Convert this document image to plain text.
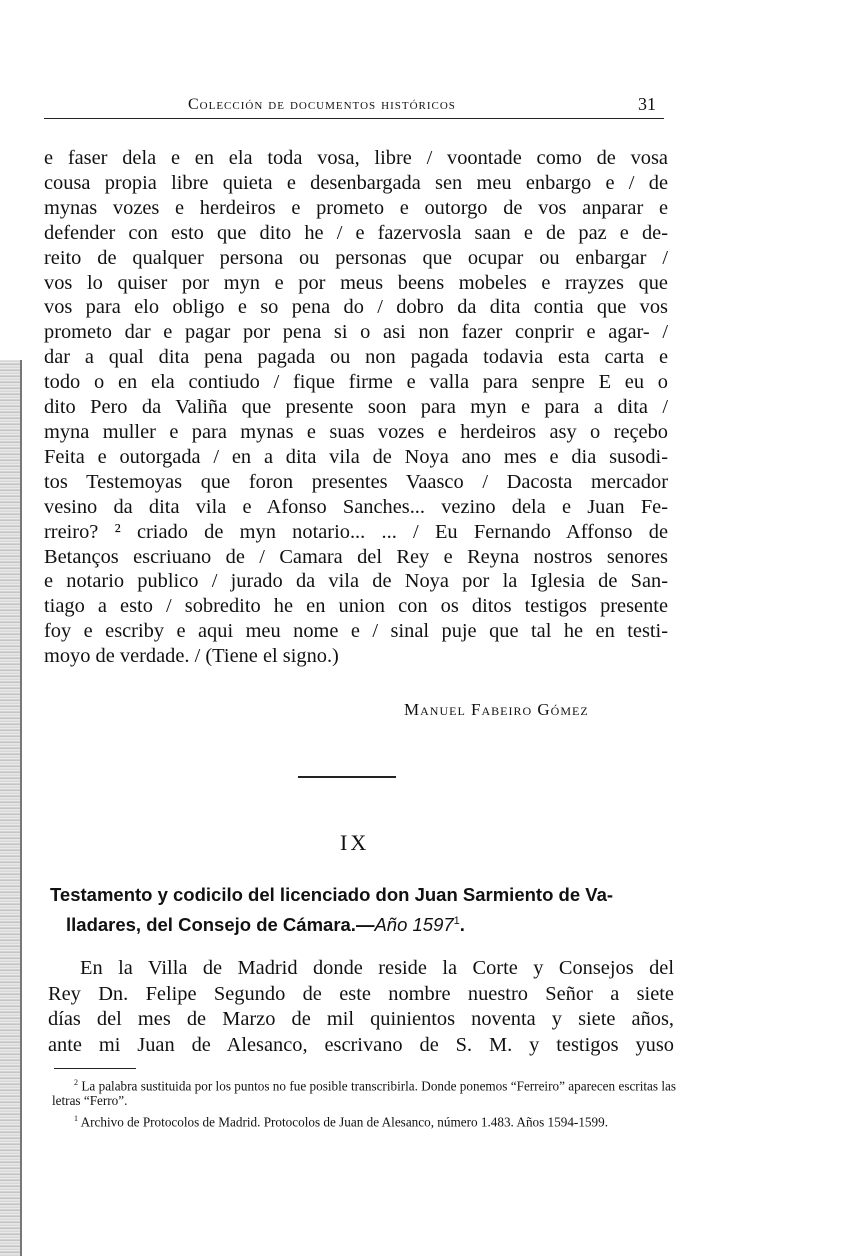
Colección de documentos históricos	31
e faser dela e en ela toda vosa, libre / voontade como de vosa
cousa propia libre quieta e desenbargada sen meu enbargo e / de
mynas vozes e herdeiros e prometo e outorgo de vos anparar e
defender con esto que dito he / e fazervosla saan e de paz e de-
reito de qualquer persona ou personas que ocupar ou enbargar /
vos lo quiser por myn e por meus beens mobeles e rrayzes que
vos para elo obligo e so pena do / dobro da dita contia que vos
prometo dar e pagar por pena si o asi non fazer conprir e agar- /
dar a qual dita pena pagada ou non pagada todavia esta carta e
todo o en ela contiudo / fique firme e valla para senpre E eu o
dito Pero da Valiña que presente soon para myn e para a dita /
myna muller e para mynas e suas vozes e herdeiros asy o reçebo
Feita e outorgada / en a dita vila de Noya ano mes e dia susodi-
tos Testemoyas que foron presentes Vaasco / Dacosta mercador
vesino da dita vila e Afonso Sanches... vezino dela e Juan Fe-
rreiro? ² criado de myn notario... ... / Eu Fernando Affonso de
Betanços escriuano de / Camara del Rey e Reyna nostros senores
e notario publico / jurado da vila de Noya por la Iglesia de San-
tiago a esto / sobredito he en union con os ditos testigos presente
foy e escriby e aqui meu nome e / sinal puje que tal he en testi-
moyo de verdade. / (Tiene el signo.)
Manuel Fabeiro Gómez
IX
Testamento y codicilo del licenciado don Juan Sarmiento de Va-
lladares, del Consejo de Cámara.—Año 1597$^1$.
En la Villa de Madrid donde reside la Corte y Consejos del
Rey Dn. Felipe Segundo de este nombre nuestro Señor a siete
días del mes de Marzo de mil quinientos noventa y siete años,
ante mi Juan de Alesanco, escrivano de S. M. y testigos yuso

$^2$ La palabra sustituida por los puntos no fue posible transcribirla. Donde ponemos “Ferreiro” aparecen escritas las letras “Ferro”.

$^1$ Archivo de Protocolos de Madrid. Protocolos de Juan de Alesanco, número 1.483. Años 1594-1599.
